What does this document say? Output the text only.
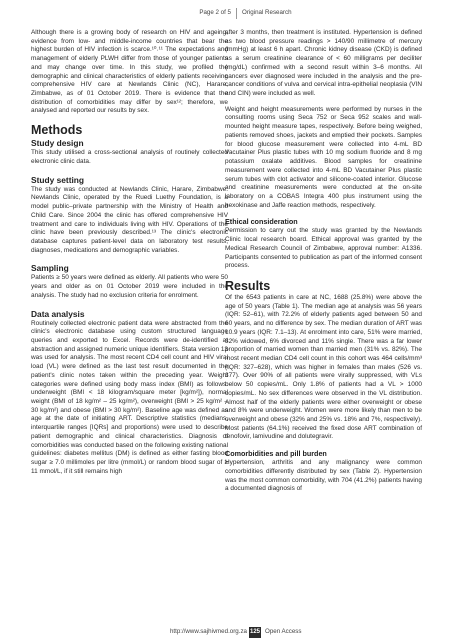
Page 2 of 5 Original Research

Although there is a growing body of research on HIV and ageing, evidence from low- and middle-income countries that bear the highest burden of HIV infection is scarce.¹⁰˒¹¹ The expectations and management of elderly PLWH differ from those of younger patients and may change over time. In this study, we profiled the demographic and clinical characteristics of elderly patients receiving comprehensive HIV care at Newlands Clinic (NC), Harare, Zimbabwe, as of 01 October 2019. There is evidence that the distribution of comorbidities may differ by sex¹²; therefore, we analysed and reported our results by sex.

Methods
Study design

This study utilised a cross-sectional analysis of routinely collected electronic clinic data.

Study setting

The study was conducted at Newlands Clinic, Harare, Zimbabwe. Newlands Clinic, operated by the Ruedi Luethy Foundation, is a model public–private partnership with the Ministry of Health and Child Care. Since 2004 the clinic has offered comprehensive HIV treatment and care to individuals living with HIV. Operations of the clinic have been previously described.¹³ The clinic's electronic database captures patient-level data on laboratory test results, diagnoses, medications and demographic variables.

Sampling

Patients ≥ 50 years were defined as elderly. All patients who were 50 years and older as on 01 October 2019 were included in the analysis. The study had no exclusion criteria for enrolment.

Data analysis

Routinely collected electronic patient data were abstracted from the clinic's electronic database using custom structured language queries and exported to Excel. Records were de-identified at abstraction and assigned numeric unique identifiers. Stata version 13 was used for analysis. The most recent CD4 cell count and HIV viral load (VL) were defined as the last test result documented in the patient's clinic notes taken within the preceding year. Weight categories were defined using body mass index (BMI) as follows: underweight (BMI < 18 kilogram/square meter [kg/m²]), normal weight (BMI of 18 kg/m² – 25 kg/m²), overweight (BMI > 25 kg/m² – 30 kg/m²) and obese (BMI > 30 kg/m²). Baseline age was defined as age at the date of initiating ART. Descriptive statistics (medians, interquartile ranges [IQRs] and proportions) were used to describe patient demographic and clinical characteristics. Diagnosis of comorbidities was conducted based on the following existing national guidelines: diabetes mellitus (DM) is defined as either fasting blood sugar ≥ 7.0 millimoles per litre (mmol/L) or random blood sugar of ≥ 11 mmol/L, if it still remains high

after 3 months, then treatment is instituted. Hypertension is defined as two blood pressure readings > 140/90 millimetre of mercury (mmHg) at least 6 h apart. Chronic kidney disease (CKD) is defined as a serum creatinine clearance of < 60 milligrams per deciliter (mg/dL) confirmed with a second result within 3–6 months. All cancers ever diagnosed were included in the analysis and the pre-cancer conditions of vulva and cervical intra-epithelial neoplasia (VIN and CIN) were included as well.

Weight and height measurements were performed by nurses in the consulting rooms using Seca 752 or Seca 952 scales and wall-mounted height measure tapes, respectively. Before being weighed, patients removed shoes, jackets and emptied their pockets. Samples for blood glucose measurement were collected into 4-mL BD Vacutainer Plus plastic tubes with 10 mg sodium fluoride and 8 mg potassium oxalate additives. Blood samples for creatinine measurement were collected into 4-mL BD Vacutainer Plus plastic serum tubes with clot activator and silicone-coated interior. Glucose and creatinine measurements were conducted at the on-site laboratory on a COBAS Integra 400 plus instrument using the hexokinase and Jaffe reaction methods, respectively.

Ethical consideration

Permission to carry out the study was granted by the Newlands Clinic local research board. Ethical approval was granted by the Medical Research Council of Zimbabwe, approval number: A1336. Participants consented to publication as part of the informed consent process.

Results

Of the 6543 patients in care at NC, 1688 (25.8%) were above the age of 50 years (Table 1). The median age at analysis was 56 years (IQR: 52–61), with 72.2% of elderly patients aged between 50 and 60 years, and no difference by sex. The median duration of ART was 10.9 years (IQR: 7.1–13). At enrolment into care, 51% were married, 32% widowed, 6% divorced and 11% single. There was a far lower proportion of married women than married men (31% vs. 82%). The most recent median CD4 cell count in this cohort was 464 cells/mm³ (IQR: 327–628), which was higher in females than males (526 vs. 377). Over 90% of all patients were virally suppressed, with VLs below 50 copies/mL. Only 1.8% of patients had a VL > 1000 copies/mL. No sex differences were observed in the VL distribution. Almost half of the elderly patients were either overweight or obese and 8% were underweight. Women were more likely than men to be overweight and obese (32% and 25% vs. 18% and 7%, respectively). Most patients (64.1%) received the fixed dose ART combination of tenofovir, lamivudine and dolutegravir.

Comorbidities and pill burden

Hypertension, arthritis and any malignancy were common comorbidities differently distributed by sex (Table 2). Hypertension was the most common comorbidity, with 704 (41.2%) patients having a documented diagnosis of

http://www.sajhivmed.org.za 125 Open Access
